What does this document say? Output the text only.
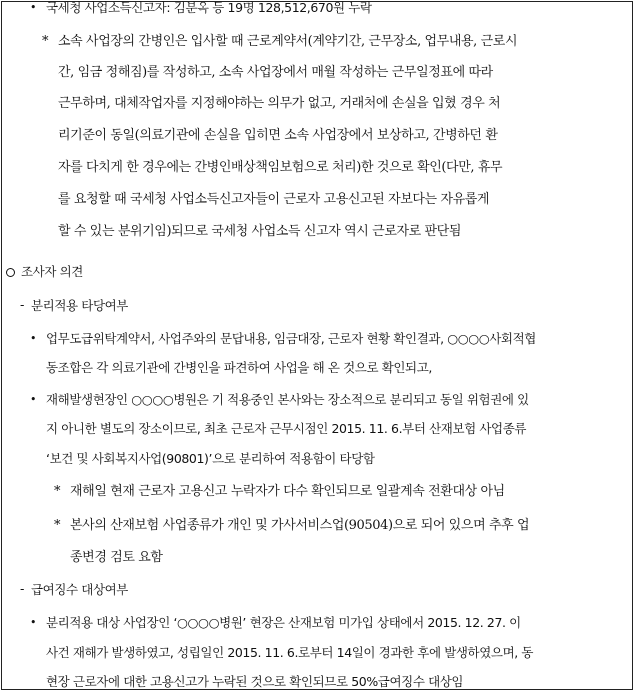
• 국세청 사업소득신고자: 김분옥 등 19명 128,512,670원 누락
* 소속 사업장의 간병인은 입사할 때 근로계약서(계약기간, 근무장소, 업무내용, 근로시
간, 임금 정해짐)를 작성하고, 소속 사업장에서 매월 작성하는 근무일정표에 따라
근무하며, 대체작업자를 지정해야하는 의무가 없고, 거래처에 손실을 입혔 경우 처
리기준이 동일(의료기관에 손실을 입히면 소속 사업장에서 보상하고, 간병하던 환
자를 다치게 한 경우에는 간병인배상책임보험으로 처리)한 것으로 확인(다만, 휴무
를 요청할 때 국세청 사업소득신고자들이 근로자 고용신고된 자보다는 자유롭게
할 수 있는 분위기임)되므로 국세청 사업소득 신고자 역시 근로자로 판단됨
조사자 의견
- 분리적용 타당여부
• 업무도급위탁계약서, 사업주와의 문답내용, 임금대장, 근로자 현황 확인결과, ○○○○사회적협
동조합은 각 의료기관에 간병인을 파견하여 사업을 해 온 것으로 확인되고,
• 재해발생현장인 ○○○○병원은 기 적용중인 본사와는 장소적으로 분리되고 동일 위험권에 있
지 아니한 별도의 장소이므로, 최초 근로자 근무시점인 2015. 11. 6.부터 산재보험 사업종류
‘보건 및 사회복지사업(90801)’으로 분리하여 적용함이 타당함
* 재해일 현재 근로자 고용신고 누락자가 다수 확인되므로 일괄계속 전환대상 아님
* 본사의 산재보험 사업종류가 개인 및 가사서비스업(90504)으로 되어 있으며 추후 업
종변경 검토 요함
- 급여징수 대상여부
• 분리적용 대상 사업장인 ‘○○○○병원’ 현장은 산재보험 미가입 상태에서 2015. 12. 27. 이
사건 재해가 발생하였고, 성립일인 2015. 11. 6.로부터 14일이 경과한 후에 발생하였으며, 동
현장 근로자에 대한 고용신고가 누락된 것으로 확인되므로 50%급여징수 대상임
